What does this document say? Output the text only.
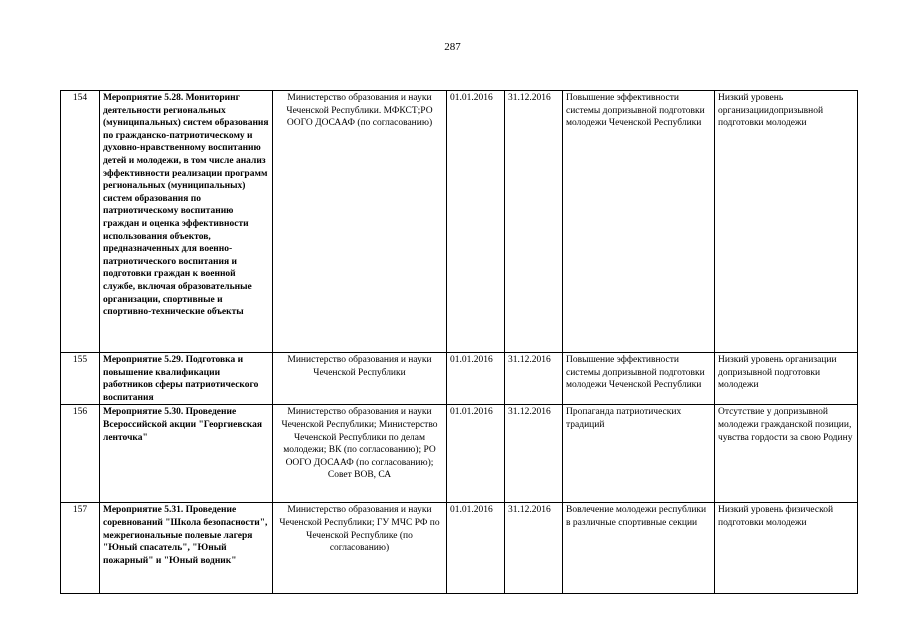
287
154	Мероприятие 5.28. Мониторинг деятельности региональных (муниципальных) систем образования по гражданско-патриотическому и духовно-нравственному воспитанию детей и молодежи, в том числе анализ эффективности реализации программ региональных (муниципальных) систем образования по патриотическому воспитанию граждан и оценка эффективности использования объектов, предназначенных для военно-патриотического воспитания и подготовки граждан к военной службе, включая образовательные организации, спортивные и спортивно-технические объекты	Министерство образования и науки Чеченской Республики. МФКСТ;РО ООГО ДОСААФ (по согласованию)	01.01.2016	31.12.2016	Повышение эффективности системы допризывной подготовки молодежи Чеченской Республики	Низкий уровень организациидопризывной подготовки молодежи
155	Мероприятие 5.29. Подготовка и повышение квалификации работников сферы патриотического воспитания	Министерство образования и науки Чеченской Республики	01.01.2016	31.12.2016	Повышение эффективности системы допризывной подготовки молодежи Чеченской Республики	Низкий уровень организации допризывной подготовки молодежи
156	Мероприятие 5.30. Проведение Всероссийской акции "Георгиевская ленточка"	Министерство образования и науки Чеченской Республики; Министерство Чеченской Республики по делам молодежи; ВК (по согласованию); РО ООГО ДОСААФ (по согласованию); Совет ВОВ, СА	01.01.2016	31.12.2016	Пропаганда патриотических традиций	Отсутствие у допризывной молодежи гражданской позиции, чувства гордости за свою Родину
157	Мероприятие 5.31. Проведение соревнований "Школа безопасности", межрегиональные полевые лагеря "Юный спасатель", "Юный пожарный" и "Юный водник"	Министерство образования и науки Чеченской Республики; ГУ МЧС РФ по Чеченской Республике (по согласованию)	01.01.2016	31.12.2016	Вовлечение молодежи республики в различные спортивные секции	Низкий уровень физической подготовки молодежи
